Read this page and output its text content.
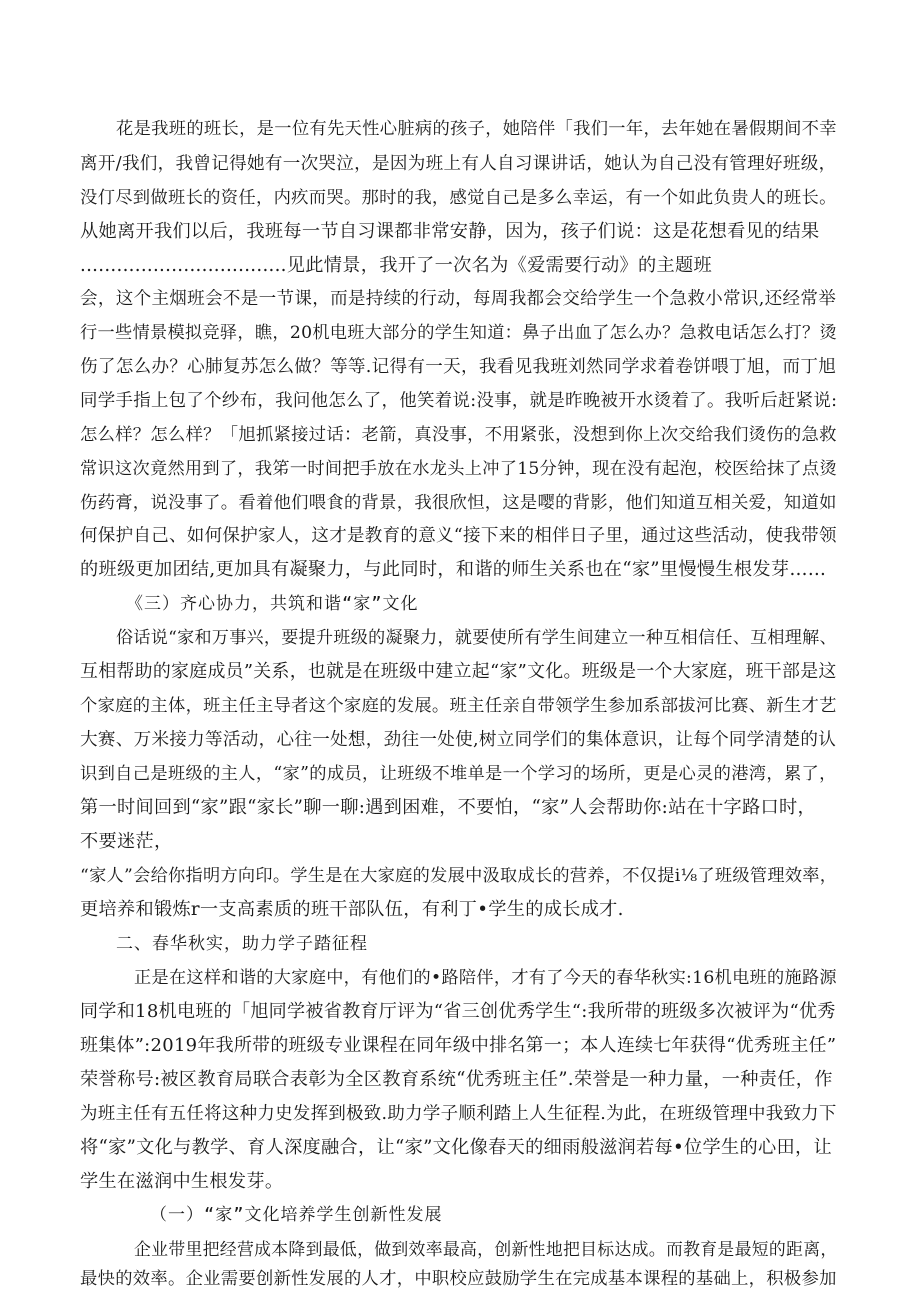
花是我班的班长，是一位有先天性心脏病的孩子，她陪伴「我们一年，去年她在暑假期间不幸
离开/我们，我曾记得她有一次哭泣，是因为班上有人自习课讲话，她认为自己没有管理好班级，
没仃尽到做班长的资任，内疚而哭。那时的我，感觉自己是多么幸运，有一个如此负贵人的班长。
从她离开我们以后，我班每一节自习课都非常安静，因为，孩子们说：这是花想看见的结果
..................................见此情景，我开了一次名为《爱需要行动》的主题班
会，这个主烟班会不是一节课，而是持续的行动，每周我都会交给学生一个急救小常识,还经常举
行一些情景模拟竞驿，瞧，20机电班大部分的学生知道：鼻子出血了怎么办？急救电话怎么打？烫
伤了怎么办？心肺复苏怎么做？等等.记得有一天，我看见我班刘然同学求着卷饼喂丁旭，而丁旭
同学手指上包了个纱布，我问他怎么了，他笑着说:没事，就是昨晚被开水烫着了。我听后赶紧说:
怎么样？怎么样？「旭抓紧接过话：老箭，真没事，不用紧张，没想到你上次交给我们烫伤的急救
常识这次竟然用到了，我笫一时间把手放在水龙头上冲了15分钟，现在没有起泡，校医给抹了点烫
伤药膏，说没事了。看着他们喂食的背景，我很欣怛，这是嘤的背影，他们知道互相关爱，知道如
何保护自己、如何保护家人，这才是教育的意义“接下来的相伴日子里，通过这些活动，使我带领
的班级更加团结,更加具有凝聚力，与此同时，和谐的师生关系也在“家”里慢慢生根发芽……
《三）齐心协力，共筑和谐“家”文化
俗话说“家和万事兴，要提升班级的凝聚力，就要使所有学生间建立一种互相信任、互相理解、
互相帮助的家庭成员”关系，也就是在班级中建立起“家”文化。班级是一个大家庭，班干部是这
个家庭的主体，班主任主导者这个家庭的发展。班主任亲自带领学生参加系部拔河比赛、新生才艺
大赛、万米接力等活动，心往一处想，劲往一处使,树立同学们的集体意识，让每个同学清楚的认
识到自己是班级的主人，“家”的成员，让班级不堆单是一个学习的场所，更是心灵的港湾，累了，
第一时间回到“家”跟“家长”聊一聊:遇到困难，不要怕，“家”人会帮助你:站在十字路口时，
不要迷茫，
“家人”会给你指明方向印。学生是在大家庭的发展中汲取成长的营养，不仅提i⅛了班级管理效率，
更培养和锻炼r一支高素质的班干部队伍，有利丁•学生的成长成才.
二、春华秋实，助力学子踏征程
正是在这样和谐的大家庭中，有他们的•路陪伴，才有了今天的春华秋实:16机电班的施路源
同学和18机电班的「旭同学被省教育厅评为“省三创优秀学生“:我所带的班级多次被评为“优秀
班集体”:2019年我所带的班级专业课程在同年级中排名第一；本人连续七年获得“优秀班主任”
荣誉称号:被区教育局联合表彰为全区教育系统“优秀班主任”.荣誉是一种力量，一种责任，作
为班主任有五任将这种力史发挥到极致.助力学子顺利踏上人生征程.为此，在班级管理中我致力下
将“家”文化与教学、育人深度融合，让“家”文化像春天的细雨般滋润若每•位学生的心田，让
学生在滋润中生根发芽。
（一）“家”文化培养学生创新性发展
企业带里把经营成本降到最低，做到效率最高，创新性地把目标达成。而教育是最短的距离，
最快的效率。企业需要创新性发展的人才，中职校应鼓励学生在完成基本课程的基础上，积极参加
